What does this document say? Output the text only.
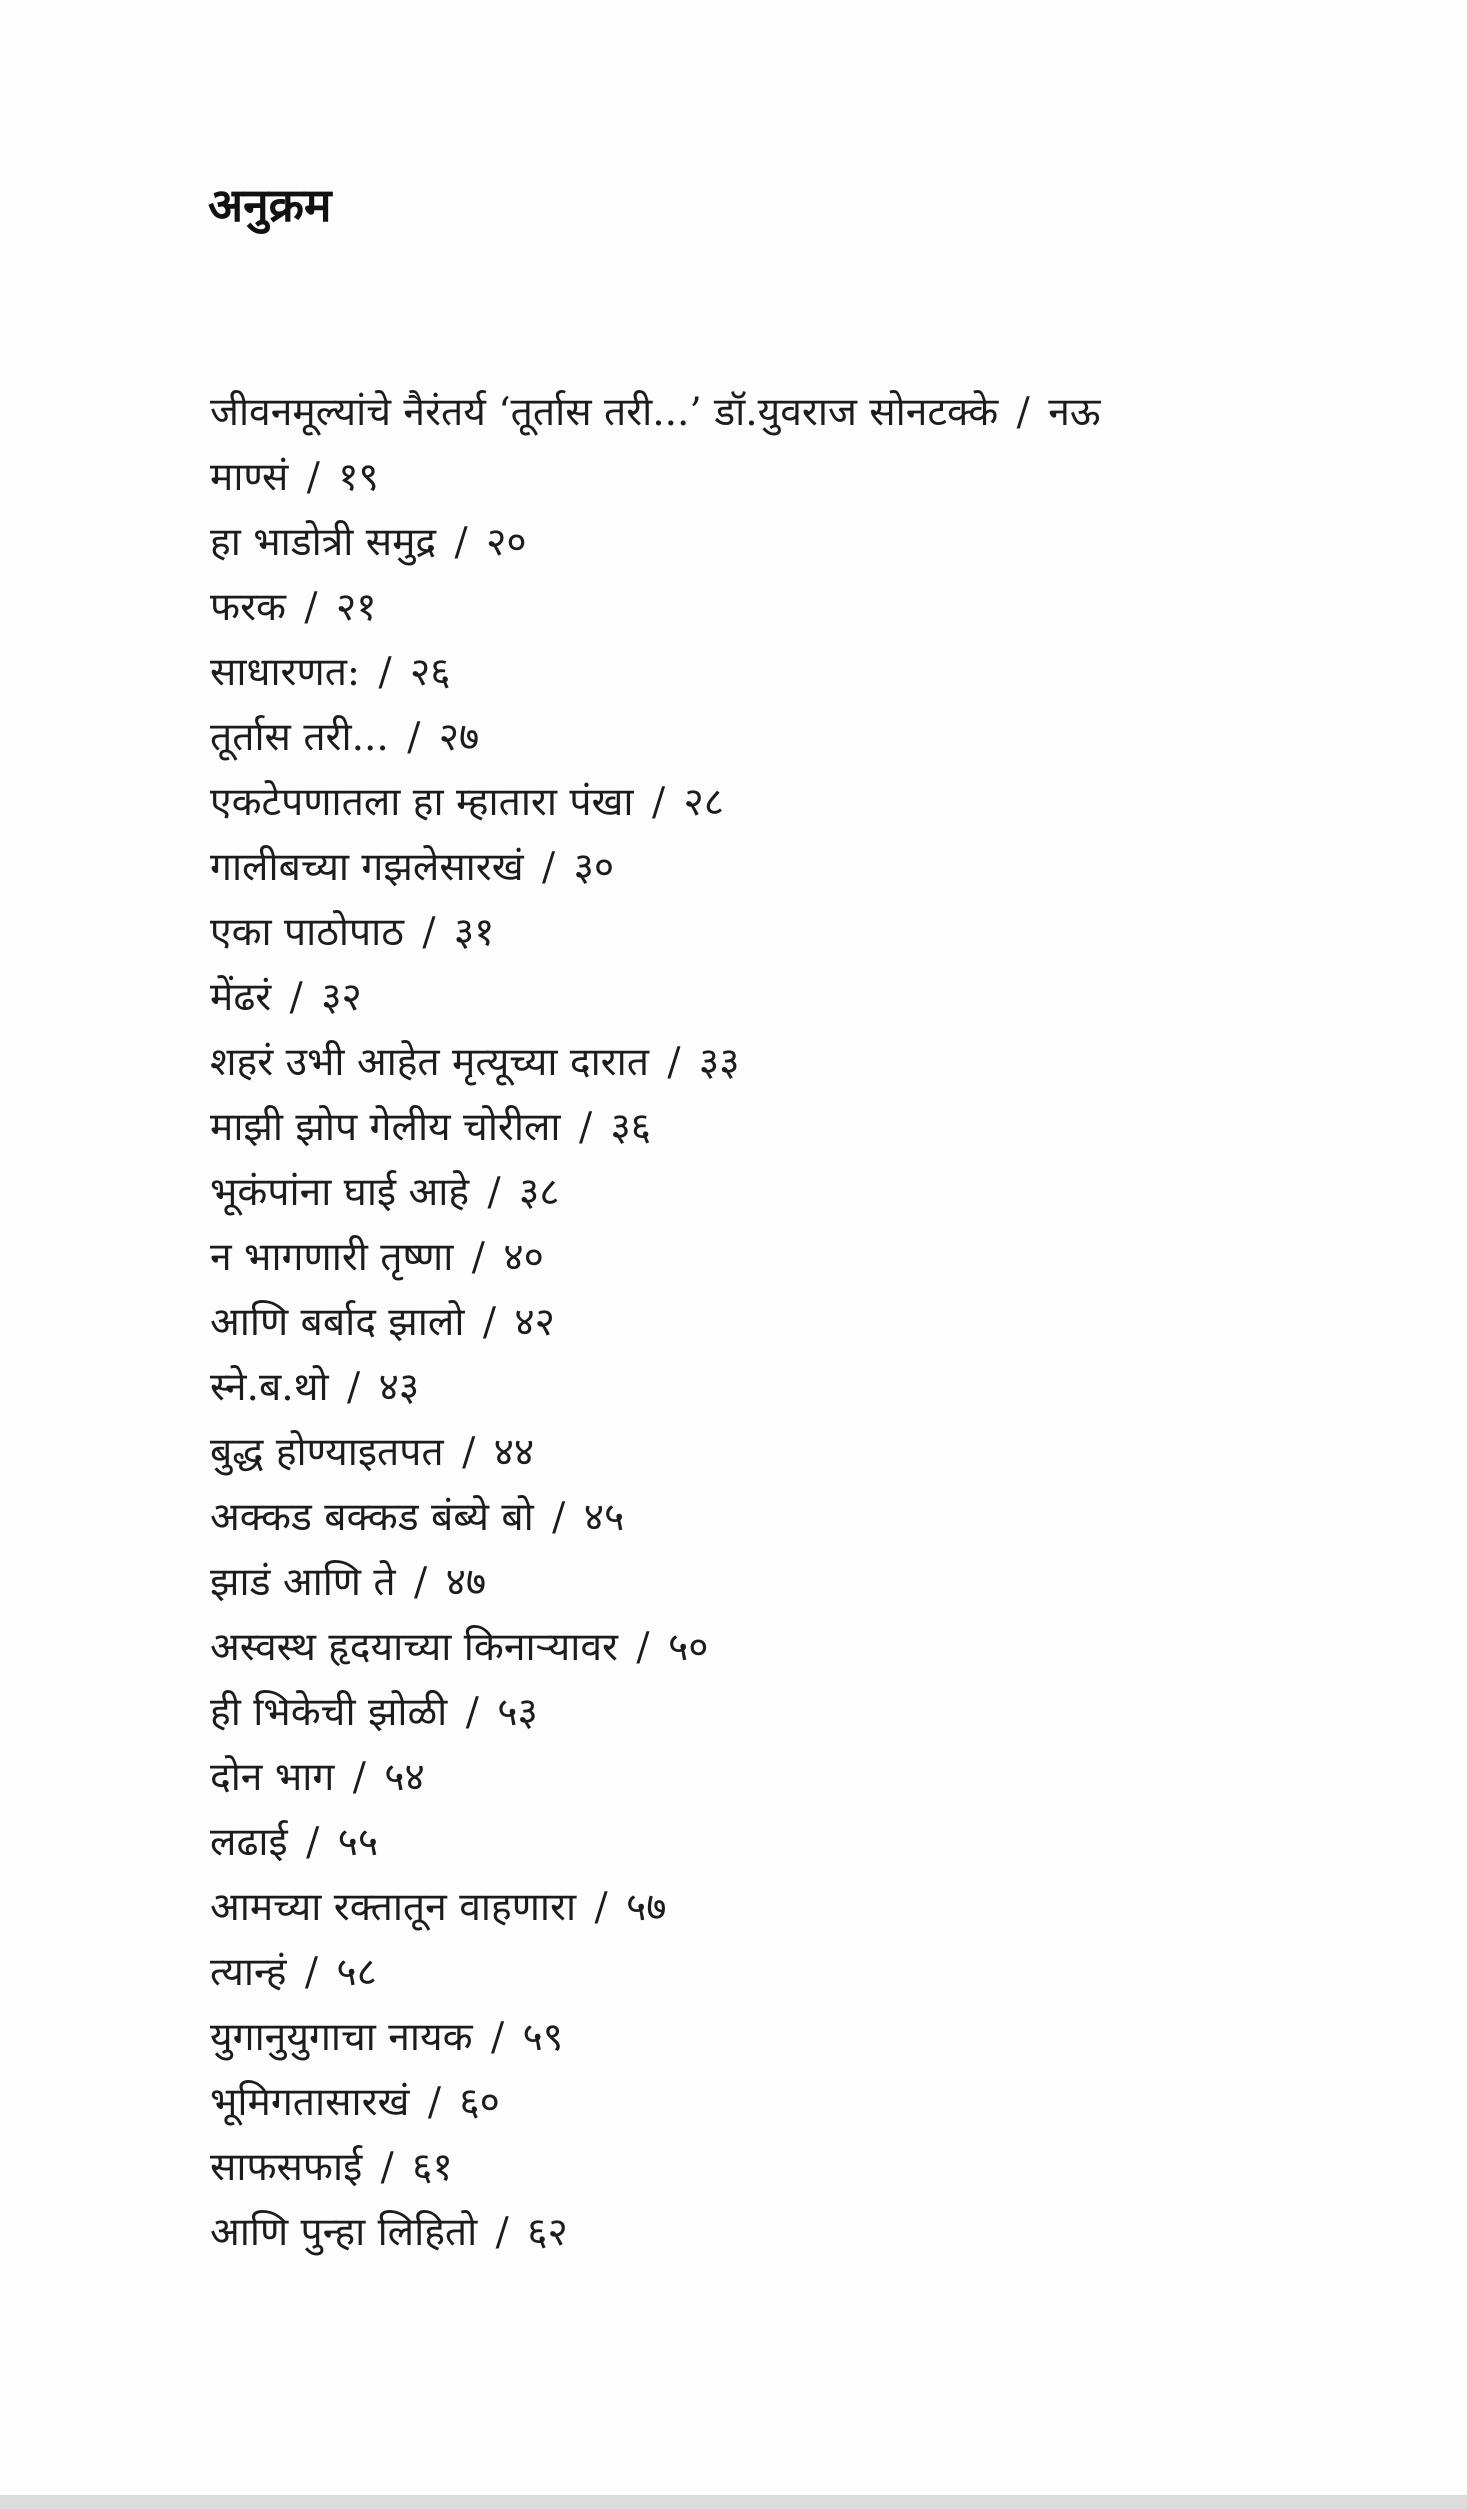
अनुक्रम
जीवनमूल्यांचे नैरंतर्य ‘तूर्तास तरी...’ डॉ.युवराज सोनटक्के / नऊ
माण्सं / १९
हा भाडोत्री समुद्र / २०
फरक / २१
साधारणत: / २६
तूर्तास तरी... / २७
एकटेपणातला हा म्हातारा पंखा / २८
गालीबच्या गझलेसारखं / ३०
एका पाठोपाठ / ३१
मेंढरं / ३२
शहरं उभी आहेत मृत्यूच्या दारात / ३३
माझी झोप गेलीय चोरीला / ३६
भूकंपांना घाई आहे / ३८
न भागणारी तृष्णा / ४०
आणि बर्बाद झालो / ४२
स्ने.ब.थो / ४३
बुद्ध होण्याइतपत / ४४
अक्कड बक्कड बंब्ये बो / ४५
झाडं आणि ते / ४७
अस्वस्थ हृदयाच्या किनाऱ्यावर / ५०
ही भिकेची झोळी / ५३
दोन भाग / ५४
लढाई / ५५
आमच्या रक्तातून वाहणारा / ५७
त्यान्हं / ५८
युगानुयुगाचा नायक / ५९
भूमिगतासारखं / ६०
साफसफाई / ६१
आणि पुन्हा लिहितो / ६२
